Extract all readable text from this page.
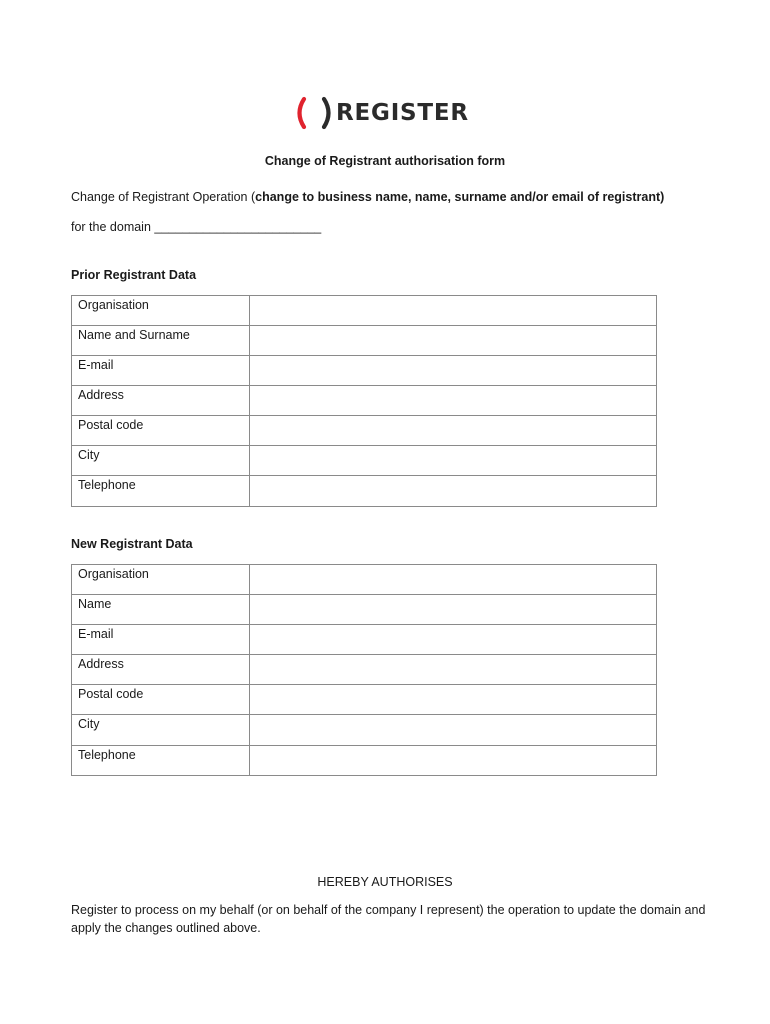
REGISTER
Change of Registrant authorisation form
Change of Registrant Operation (change to business name, name, surname and/or email of registrant)
for the domain ________________________
Prior Registrant Data
Organisation	
Name and Surname	
E-mail	
Address	
Postal code	
City	
Telephone	
New Registrant Data
Organisation	
Name	
E-mail	
Address	
Postal code	
City	
Telephone	
HEREBY AUTHORISES
Register to process on my behalf (or on behalf of the company I represent) the operation to update the domain and apply the changes outlined above.
